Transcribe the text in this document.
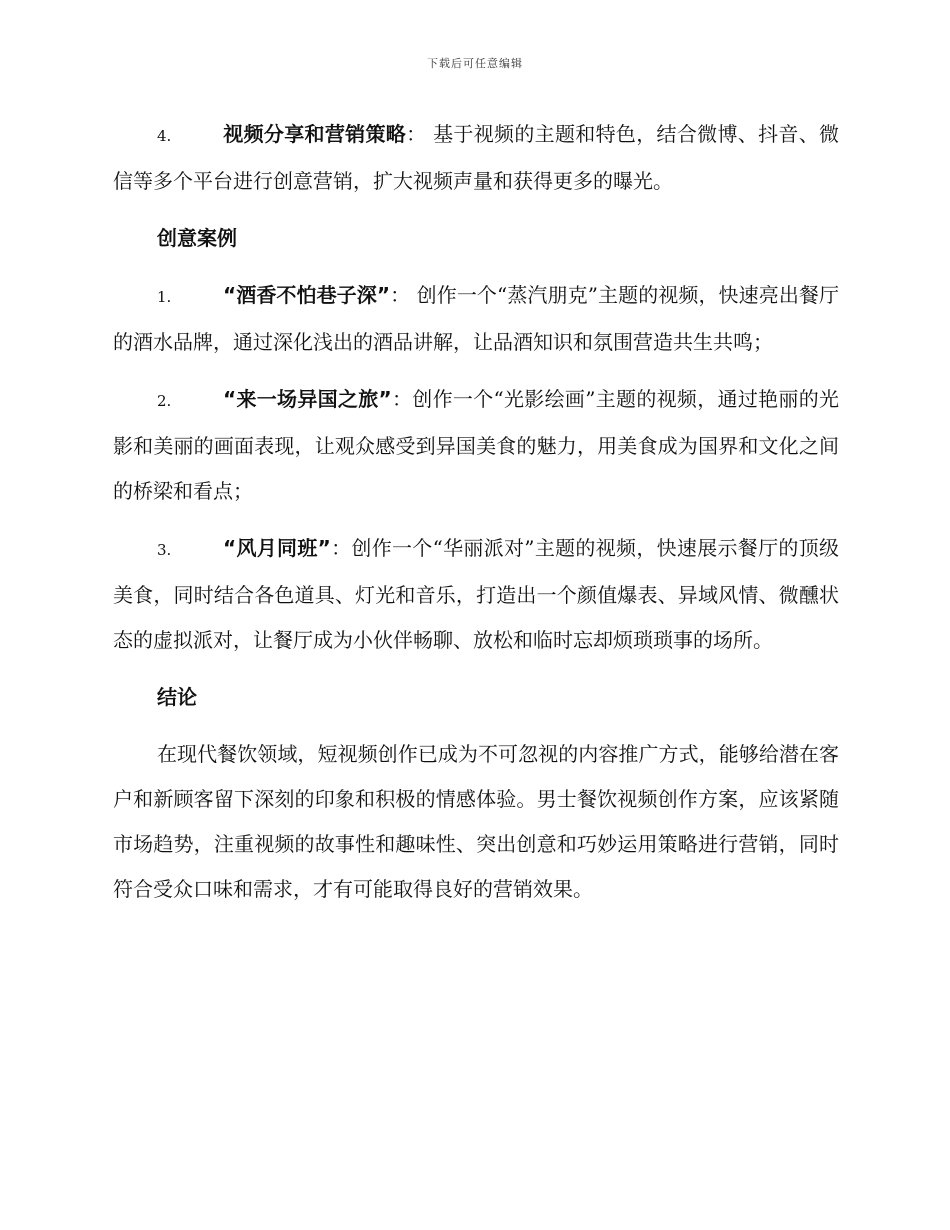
下载后可任意编辑

4.	视频分享和营销策略： 基于视频的主题和特色，结合微博、抖音、微信等多个平台进行创意营销，扩大视频声量和获得更多的曝光。

创意案例

1.	“酒香不怕巷子深”： 创作一个“蒸汽朋克”主题的视频，快速亮出餐厅的酒水品牌，通过深化浅出的酒品讲解，让品酒知识和氛围营造共生共鸣；

2.	“来一场异国之旅”：创作一个“光影绘画”主题的视频，通过艳丽的光影和美丽的画面表现，让观众感受到异国美食的魅力，用美食成为国界和文化之间的桥梁和看点；

3.	“风月同班”：创作一个“华丽派对”主题的视频，快速展示餐厅的顶级美食，同时结合各色道具、灯光和音乐，打造出一个颜值爆表、异域风情、微醺状态的虚拟派对，让餐厅成为小伙伴畅聊、放松和临时忘却烦琐琐事的场所。

结论

在现代餐饮领域，短视频创作已成为不可忽视的内容推广方式，能够给潜在客户和新顾客留下深刻的印象和积极的情感体验。男士餐饮视频创作方案，应该紧随市场趋势，注重视频的故事性和趣味性、突出创意和巧妙运用策略进行营销，同时符合受众口味和需求，才有可能取得良好的营销效果。
